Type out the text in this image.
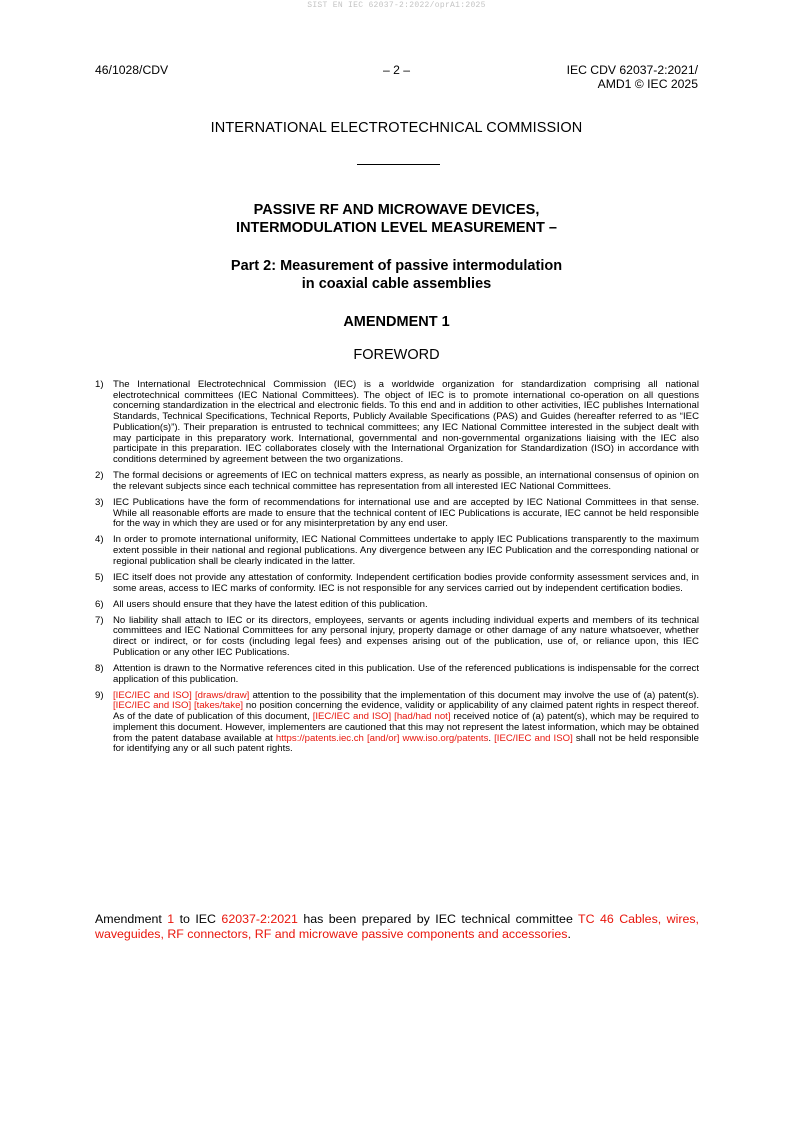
SIST EN IEC 62037-2:2022/oprA1:2025
46/1028/CDV	– 2 –	IEC CDV 62037-2:2021/
AMD1 © IEC 2025
INTERNATIONAL ELECTROTECHNICAL COMMISSION
PASSIVE RF AND MICROWAVE DEVICES,
INTERMODULATION LEVEL MEASUREMENT –
Part 2: Measurement of passive intermodulation
in coaxial cable assemblies
AMENDMENT 1
FOREWORD
1) The International Electrotechnical Commission (IEC) is a worldwide organization for standardization comprising all national electrotechnical committees (IEC National Committees). The object of IEC is to promote international co-operation on all questions concerning standardization in the electrical and electronic fields. To this end and in addition to other activities, IEC publishes International Standards, Technical Specifications, Technical Reports, Publicly Available Specifications (PAS) and Guides (hereafter referred to as “IEC Publication(s)”). Their preparation is entrusted to technical committees; any IEC National Committee interested in the subject dealt with may participate in this preparatory work. International, governmental and non-governmental organizations liaising with the IEC also participate in this preparation. IEC collaborates closely with the International Organization for Standardization (ISO) in accordance with conditions determined by agreement between the two organizations.
2) The formal decisions or agreements of IEC on technical matters express, as nearly as possible, an international consensus of opinion on the relevant subjects since each technical committee has representation from all interested IEC National Committees.
3) IEC Publications have the form of recommendations for international use and are accepted by IEC National Committees in that sense. While all reasonable efforts are made to ensure that the technical content of IEC Publications is accurate, IEC cannot be held responsible for the way in which they are used or for any misinterpretation by any end user.
4) In order to promote international uniformity, IEC National Committees undertake to apply IEC Publications transparently to the maximum extent possible in their national and regional publications. Any divergence between any IEC Publication and the corresponding national or regional publication shall be clearly indicated in the latter.
5) IEC itself does not provide any attestation of conformity. Independent certification bodies provide conformity assessment services and, in some areas, access to IEC marks of conformity. IEC is not responsible for any services carried out by independent certification bodies.
6) All users should ensure that they have the latest edition of this publication.
7) No liability shall attach to IEC or its directors, employees, servants or agents including individual experts and members of its technical committees and IEC National Committees for any personal injury, property damage or other damage of any nature whatsoever, whether direct or indirect, or for costs (including legal fees) and expenses arising out of the publication, use of, or reliance upon, this IEC Publication or any other IEC Publications.
8) Attention is drawn to the Normative references cited in this publication. Use of the referenced publications is indispensable for the correct application of this publication.
9) [IEC/IEC and ISO] [draws/draw] attention to the possibility that the implementation of this document may involve the use of (a) patent(s). [IEC/IEC and ISO] [takes/take] no position concerning the evidence, validity or applicability of any claimed patent rights in respect thereof. As of the date of publication of this document, [IEC/IEC and ISO] [had/had not] received notice of (a) patent(s), which may be required to implement this document. However, implementers are cautioned that this may not represent the latest information, which may be obtained from the patent database available at https://patents.iec.ch [and/or] www.iso.org/patents. [IEC/IEC and ISO] shall not be held responsible for identifying any or all such patent rights.

Amendment 1 to IEC 62037-2:2021 has been prepared by IEC technical committee TC 46 Cables, wires, waveguides, RF connectors, RF and microwave passive components and accessories.
